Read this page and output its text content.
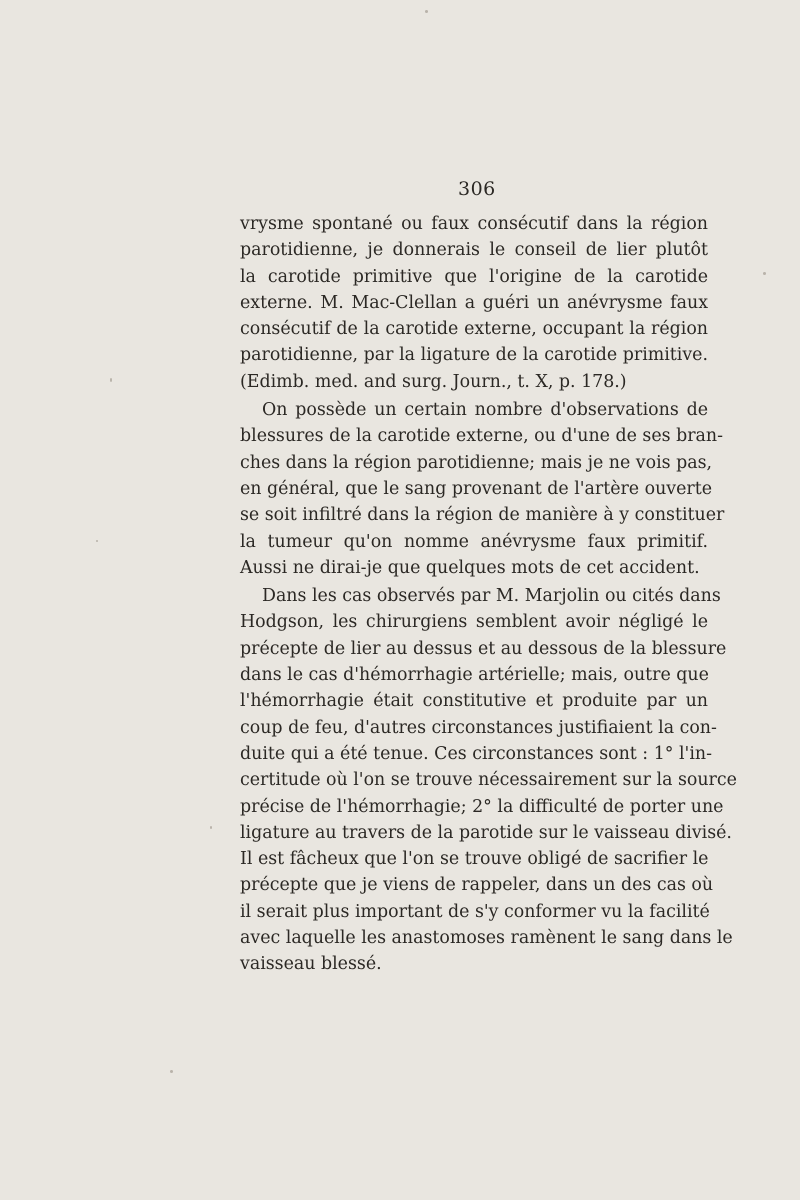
306
vrysme spontané ou faux consécutif dans la région
parotidienne, je donnerais le conseil de lier plutôt
la carotide primitive que l'origine de la carotide
externe. M. Mac-Clellan a guéri un anévrysme faux
consécutif de la carotide externe, occupant la région
parotidienne, par la ligature de la carotide primitive.
(Edimb. med. and surg. Journ., t. X, p. 178.)
On possède un certain nombre d'observations de
blessures de la carotide externe, ou d'une de ses bran-
ches dans la région parotidienne; mais je ne vois pas,
en général, que le sang provenant de l'artère ouverte
se soit infiltré dans la région de manière à y constituer
la tumeur qu'on nomme anévrysme faux primitif.
Aussi ne dirai-je que quelques mots de cet accident.
Dans les cas observés par M. Marjolin ou cités dans
Hodgson, les chirurgiens semblent avoir négligé le
précepte de lier au dessus et au dessous de la blessure
dans le cas d'hémorrhagie artérielle; mais, outre que
l'hémorrhagie était constitutive et produite par un
coup de feu, d'autres circonstances justifiaient la con-
duite qui a été tenue. Ces circonstances sont : 1° l'in-
certitude où l'on se trouve nécessairement sur la source
précise de l'hémorrhagie; 2° la difficulté de porter une
ligature au travers de la parotide sur le vaisseau divisé.
Il est fâcheux que l'on se trouve obligé de sacrifier le
précepte que je viens de rappeler, dans un des cas où
il serait plus important de s'y conformer vu la facilité
avec laquelle les anastomoses ramènent le sang dans le
vaisseau blessé.
